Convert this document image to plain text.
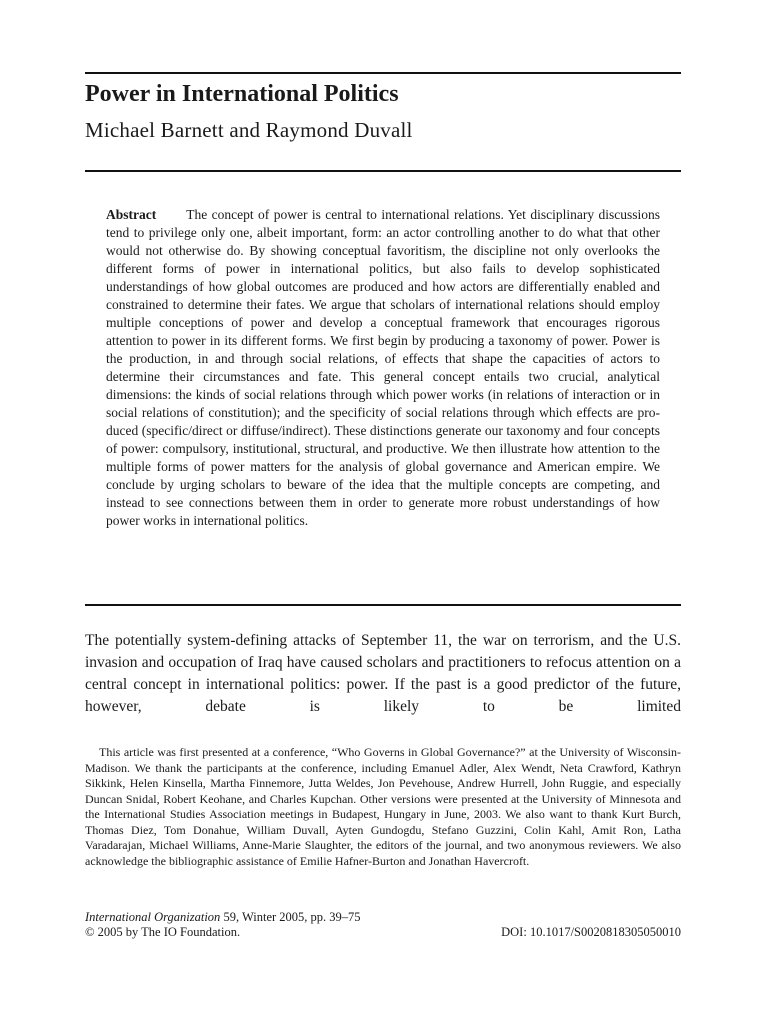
Power in International Politics
Michael Barnett and Raymond Duvall
Abstract The concept of power is central to international relations. Yet disciplinary discussions tend to privilege only one, albeit important, form: an actor controlling another to do what that other would not otherwise do. By showing conceptual favoritism, the discipline not only overlooks the different forms of power in international politics, but also fails to develop sophisticated understandings of how global outcomes are produced and how actors are differentially enabled and constrained to determine their fates. We argue that scholars of international relations should employ multiple conceptions of power and develop a conceptual framework that encourages rigorous attention to power in its different forms. We first begin by producing a taxonomy of power. Power is the production, in and through social relations, of effects that shape the capacities of actors to determine their circumstances and fate. This general concept entails two crucial, analytical dimensions: the kinds of social relations through which power works (in relations of interaction or in social relations of constitution); and the specificity of social relations through which effects are produced (specific/direct or diffuse/indirect). These distinctions generate our taxonomy and four concepts of power: compulsory, institutional, structural, and productive. We then illustrate how attention to the multiple forms of power matters for the analysis of global governance and American empire. We conclude by urging scholars to beware of the idea that the multiple concepts are competing, and instead to see connections between them in order to generate more robust understandings of how power works in international politics.
The potentially system-defining attacks of September 11, the war on terrorism, and the U.S. invasion and occupation of Iraq have caused scholars and practitioners to refocus attention on a central concept in international politics: power. If the past is a good predictor of the future, however, debate is likely to be limited
This article was first presented at a conference, “Who Governs in Global Governance?” at the University of Wisconsin-Madison. We thank the participants at the conference, including Emanuel Adler, Alex Wendt, Neta Crawford, Kathryn Sikkink, Helen Kinsella, Martha Finnemore, Jutta Weldes, Jon Pevehouse, Andrew Hurrell, John Ruggie, and especially Duncan Snidal, Robert Keohane, and Charles Kupchan. Other versions were presented at the University of Minnesota and the International Studies Association meetings in Budapest, Hungary in June, 2003. We also want to thank Kurt Burch, Thomas Diez, Tom Donahue, William Duvall, Ayten Gundogdu, Stefano Guzzini, Colin Kahl, Amit Ron, Latha Varadarajan, Michael Williams, Anne-Marie Slaughter, the editors of the journal, and two anonymous reviewers. We also acknowledge the bibliographic assistance of Emilie Hafner-Burton and Jonathan Havercroft.
International Organization 59, Winter 2005, pp. 39–75
© 2005 by The IO Foundation.	DOI: 10.1017/S0020818305050010
